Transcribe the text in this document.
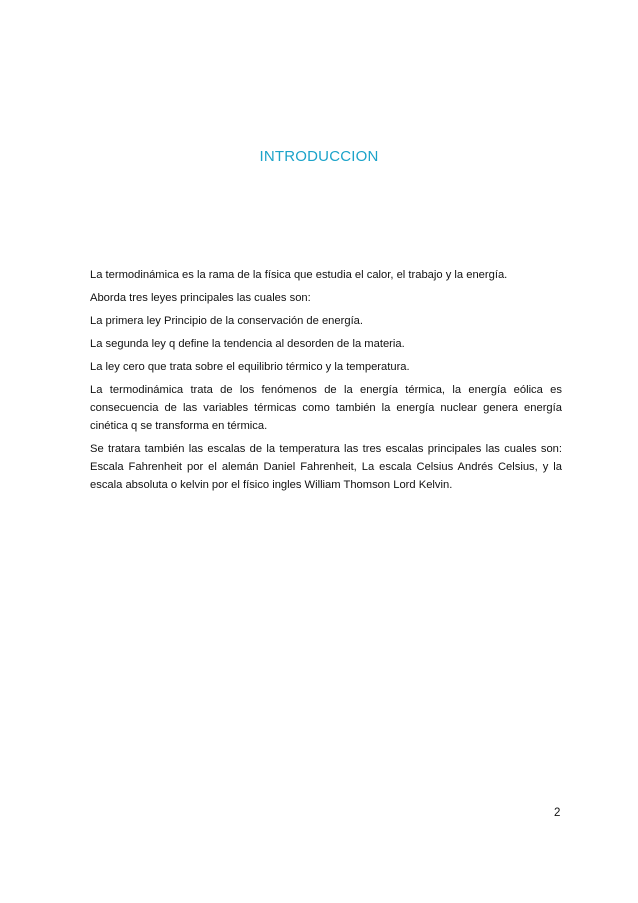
INTRODUCCION

La termodinámica es la rama de la física que estudia el calor, el trabajo y la energía.

Aborda tres leyes principales las cuales son:

La primera ley Principio de la conservación de energía.

La segunda ley q define la tendencia al desorden de la materia.

La ley cero que trata sobre el equilibrio térmico y la temperatura.

La termodinámica trata de los fenómenos de la energía térmica, la energía eólica es consecuencia de las variables térmicas como también la energía nuclear genera energía cinética q se transforma en térmica.

Se tratara también las escalas de la temperatura las tres escalas principales las cuales son: Escala Fahrenheit por el alemán Daniel Fahrenheit, La escala Celsius Andrés Celsius, y la escala absoluta o kelvin por el físico ingles William Thomson Lord Kelvin.

2
